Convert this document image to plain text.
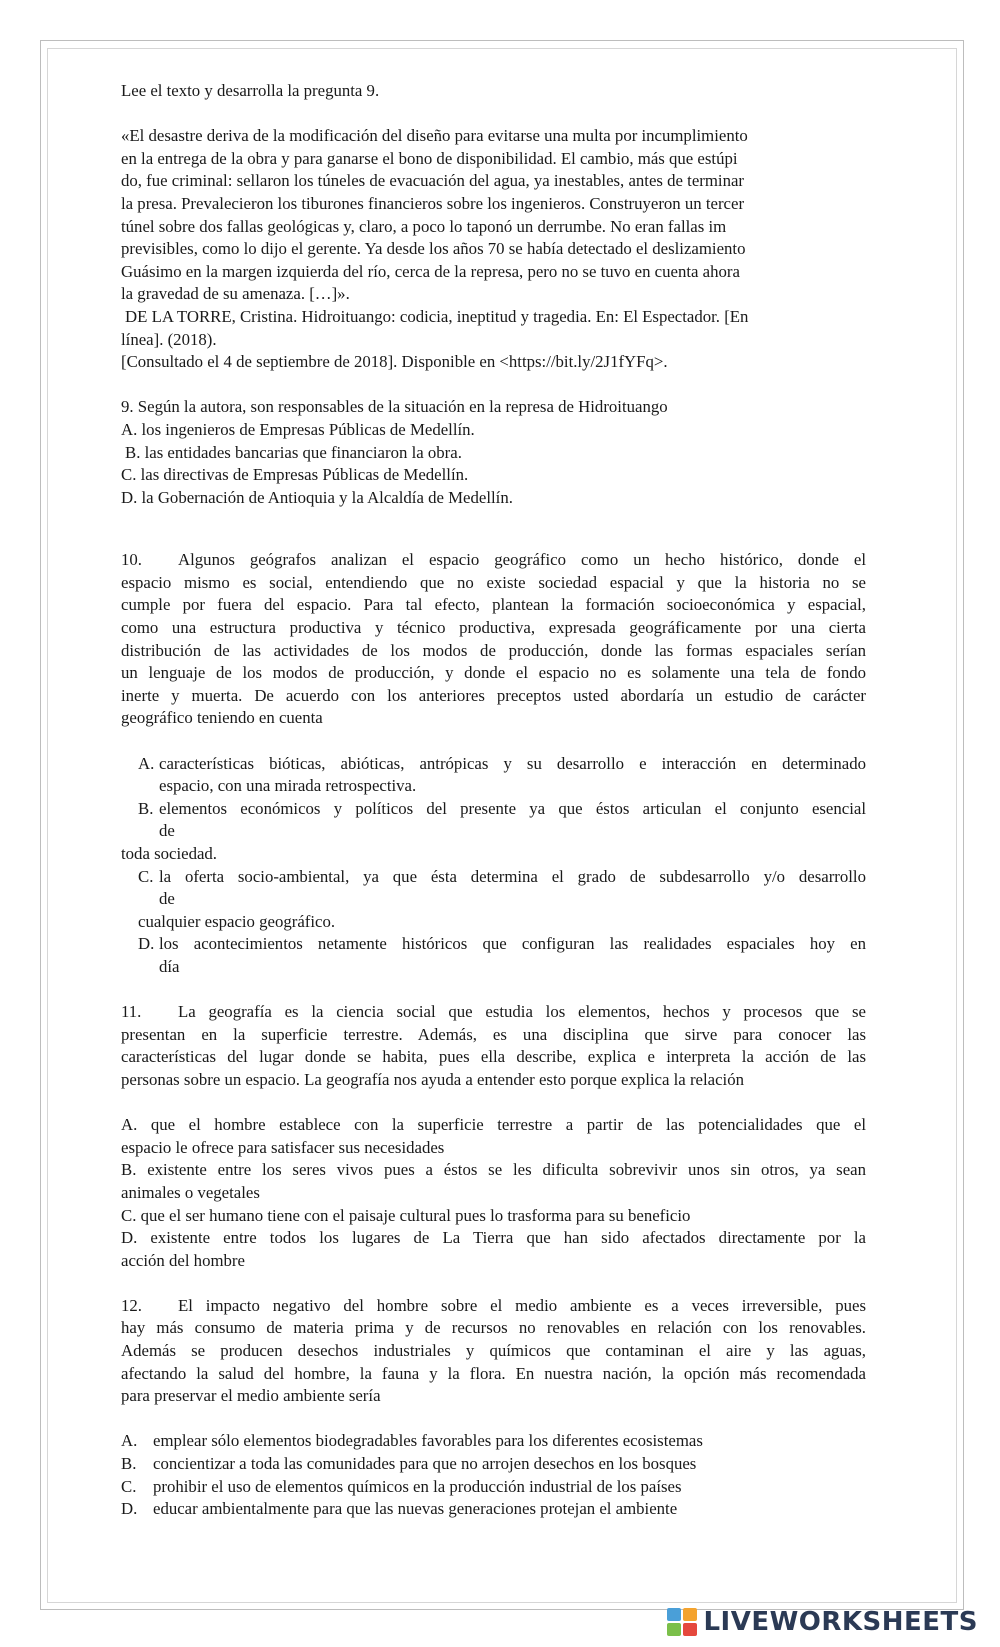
Lee el texto y desarrolla la pregunta 9.
«El desastre deriva de la modificación del diseño para evitarse una multa por incumplimiento
en la entrega de la obra y para ganarse el bono de disponibilidad. El cambio, más que estúpi
do, fue criminal: sellaron los túneles de evacuación del agua, ya inestables, antes de terminar
la presa. Prevalecieron los tiburones financieros sobre los ingenieros. Construyeron un tercer
túnel sobre dos fallas geológicas y, claro, a poco lo taponó un derrumbe. No eran fallas im
previsibles, como lo dijo el gerente. Ya desde los años 70 se había detectado el deslizamiento
Guásimo en la margen izquierda del río, cerca de la represa, pero no se tuvo en cuenta ahora
la gravedad de su amenaza. […]».
DE LA TORRE, Cristina. Hidroituango: codicia, ineptitud y tragedia. En: El Espectador. [En
línea]. (2018).
[Consultado el 4 de septiembre de 2018]. Disponible en <https://bit.ly/2J1fYFq>.
9. Según la autora, son responsables de la situación en la represa de Hidroituango
A. los ingenieros de Empresas Públicas de Medellín.
B. las entidades bancarias que financiaron la obra.
C. las directivas de Empresas Públicas de Medellín.
D. la Gobernación de Antioquia y la Alcaldía de Medellín.
10. Algunos geógrafos analizan el espacio geográfico como un hecho histórico, donde el
espacio mismo es social, entendiendo que no existe sociedad espacial y que la historia no se
cumple por fuera del espacio. Para tal efecto, plantean la formación socioeconómica y espacial,
como una estructura productiva y técnico productiva, expresada geográficamente por una cierta
distribución de las actividades de los modos de producción, donde las formas espaciales serían
un lenguaje de los modos de producción, y donde el espacio no es solamente una tela de fondo
inerte y muerta. De acuerdo con los anteriores preceptos usted abordaría un estudio de carácter
geográfico teniendo en cuenta
A. características bióticas, abióticas, antrópicas y su desarrollo e interacción en determinado
espacio, con una mirada retrospectiva.
B. elementos económicos y políticos del presente ya que éstos articulan el conjunto esencial
de
toda sociedad.
C. la oferta socio-ambiental, ya que ésta determina el grado de subdesarrollo y/o desarrollo
de
cualquier espacio geográfico.
D. los acontecimientos netamente históricos que configuran las realidades espaciales hoy en
día
11. La geografía es la ciencia social que estudia los elementos, hechos y procesos que se
presentan en la superficie terrestre. Además, es una disciplina que sirve para conocer las
características del lugar donde se habita, pues ella describe, explica e interpreta la acción de las
personas sobre un espacio. La geografía nos ayuda a entender esto porque explica la relación
A. que el hombre establece con la superficie terrestre a partir de las potencialidades que el
espacio le ofrece para satisfacer sus necesidades
B. existente entre los seres vivos pues a éstos se les dificulta sobrevivir unos sin otros, ya sean
animales o vegetales
C. que el ser humano tiene con el paisaje cultural pues lo trasforma para su beneficio
D. existente entre todos los lugares de La Tierra que han sido afectados directamente por la
acción del hombre
12. El impacto negativo del hombre sobre el medio ambiente es a veces irreversible, pues
hay más consumo de materia prima y de recursos no renovables en relación con los renovables.
Además se producen desechos industriales y químicos que contaminan el aire y las aguas,
afectando la salud del hombre, la fauna y la flora. En nuestra nación, la opción más recomendada
para preservar el medio ambiente sería
A. emplear sólo elementos biodegradables favorables para los diferentes ecosistemas
B. concientizar a toda las comunidades para que no arrojen desechos en los bosques
C. prohibir el uso de elementos químicos en la producción industrial de los países
D. educar ambientalmente para que las nuevas generaciones protejan el ambiente
LIVEWORKSHEETS
